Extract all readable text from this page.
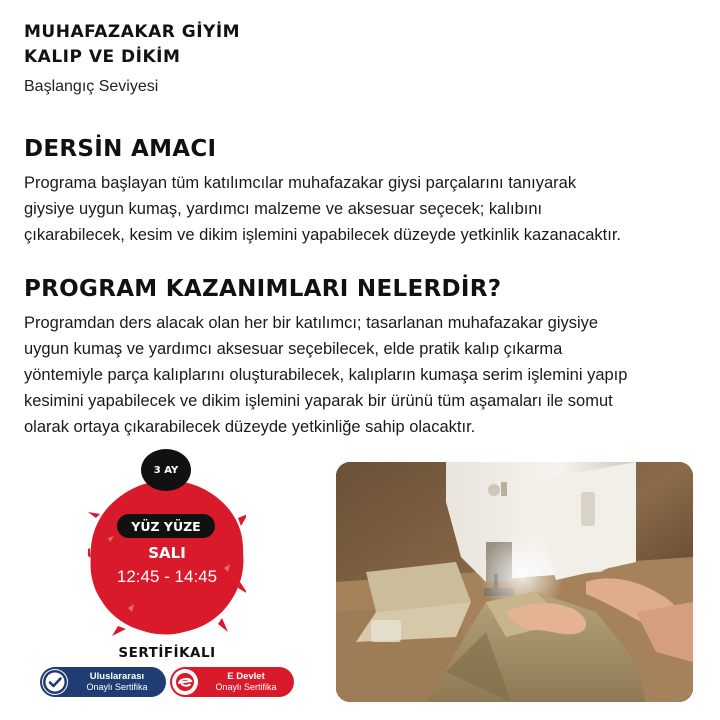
MUHAFAZAKAR GİYİM
KALIP VE DİKİM
Başlangıç Seviyesi
DERSİN AMACI
Programa başlayan tüm katılımcılar muhafazakar giysi parçalarını tanıyarak
giysiye uygun kumaş, yardımcı malzeme ve aksesuar seçecek; kalıbını
çıkarabilecek, kesim ve dikim işlemini yapabilecek düzeyde yetkinlik kazanacaktır.
PROGRAM KAZANIMLARI NELERDİR?
Programdan ders alacak olan her bir katılımcı; tasarlanan muhafazakar giysiye
uygun kumaş ve yardımcı aksesuar seçebilecek, elde pratik kalıp çıkarma
yöntemiyle parça kalıplarını oluşturabilecek, kalıpların kumaşa serim işlemini yapıp
kesimini yapabilecek ve dikim işlemini yaparak bir ürünü tüm aşamaları ile somut
olarak ortaya çıkarabilecek düzeyde yetkinliğe sahip olacaktır.
3 AY
YÜZ YÜZE
SALI
12:45 - 14:45
SERTİFİKALI
Uluslararası
Onaylı Sertifika
E Devlet
Onaylı Sertifika
